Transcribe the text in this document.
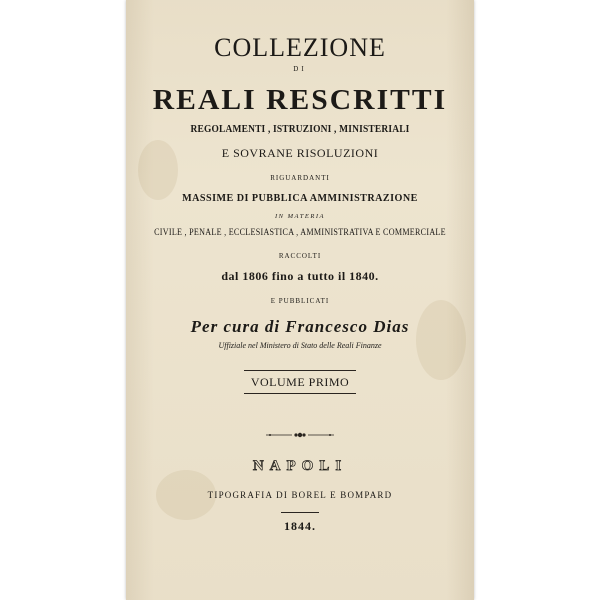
COLLEZIONE

DI

REALI RESCRITTI

REGOLAMENTI , ISTRUZIONI , MINISTERIALI

E SOVRANE RISOLUZIONI

RIGUARDANTI

MASSIME DI PUBBLICA AMMINISTRAZIONE

IN MATERIA

CIVILE , PENALE , ECCLESIASTICA , AMMINISTRATIVA E COMMERCIALE

RACCOLTI

dal 1806 fino a tutto il 1840.

E PUBBLICATI

Per cura di Francesco Dias

Uffiziale nel Ministero di Stato delle Reali Finanze

VOLUME PRIMO

NAPOLI

TIPOGRAFIA DI BOREL E BOMPARD

1844.
